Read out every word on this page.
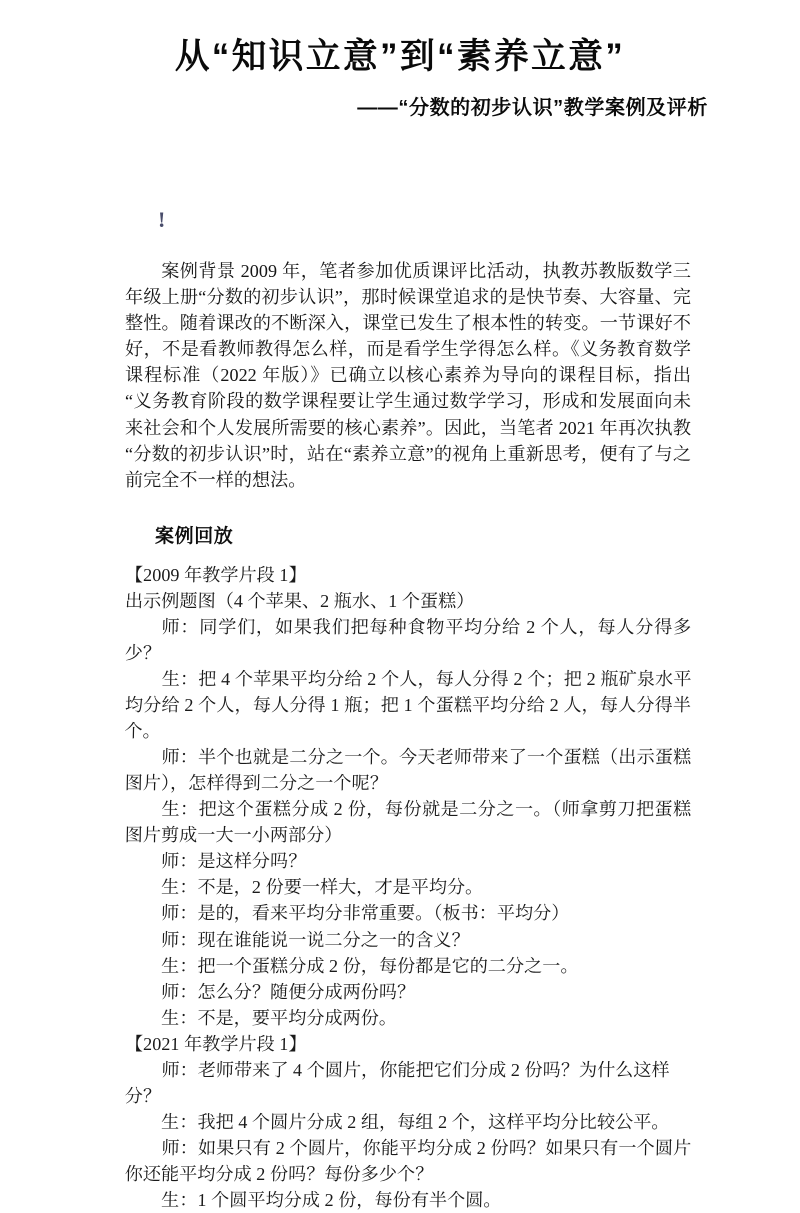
从“知识立意”到“素养立意”
——“分数的初步认识”教学案例及评析
!

案例背景 2009 年，笔者参加优质课评比活动，执教苏教版数学三年级上册“分数的初步认识”，那时候课堂追求的是快节奏、大容量、完整性。随着课改的不断深入，课堂已发生了根本性的转变。一节课好不好，不是看教师教得怎么样，而是看学生学得怎么样。《义务教育数学课程标准（2022 年版）》已确立以核心素养为导向的课程目标，指出“义务教育阶段的数学课程要让学生通过数学学习，形成和发展面向未来社会和个人发展所需要的核心素养”。因此，当笔者 2021 年再次执教“分数的初步认识”时，站在“素养立意”的视角上重新思考，便有了与之前完全不一样的想法。

案例回放

【2009 年教学片段 1】

出示例题图（4 个苹果、2 瓶水、1 个蛋糕）

师：同学们，如果我们把每种食物平均分给 2 个人，每人分得多少？

生：把 4 个苹果平均分给 2 个人，每人分得 2 个；把 2 瓶矿泉水平均分给 2 个人，每人分得 1 瓶；把 1 个蛋糕平均分给 2 人，每人分得半个。

师：半个也就是二分之一个。今天老师带来了一个蛋糕（出示蛋糕图片），怎样得到二分之一个呢？

生：把这个蛋糕分成 2 份，每份就是二分之一。（师拿剪刀把蛋糕图片剪成一大一小两部分）

师：是这样分吗？

生：不是，2 份要一样大，才是平均分。

师：是的，看来平均分非常重要。（板书：平均分）

师：现在谁能说一说二分之一的含义？

生：把一个蛋糕分成 2 份，每份都是它的二分之一。

师：怎么分？随便分成两份吗？

生：不是，要平均分成两份。

【2021 年教学片段 1】

师：老师带来了 4 个圆片，你能把它们分成 2 份吗？为什么这样分？

生：我把 4 个圆片分成 2 组，每组 2 个，这样平均分比较公平。

师：如果只有 2 个圆片，你能平均分成 2 份吗？如果只有一个圆片你还能平均分成 2 份吗？每份多少个？

生：1 个圆平均分成 2 份，每份有半个圆。
